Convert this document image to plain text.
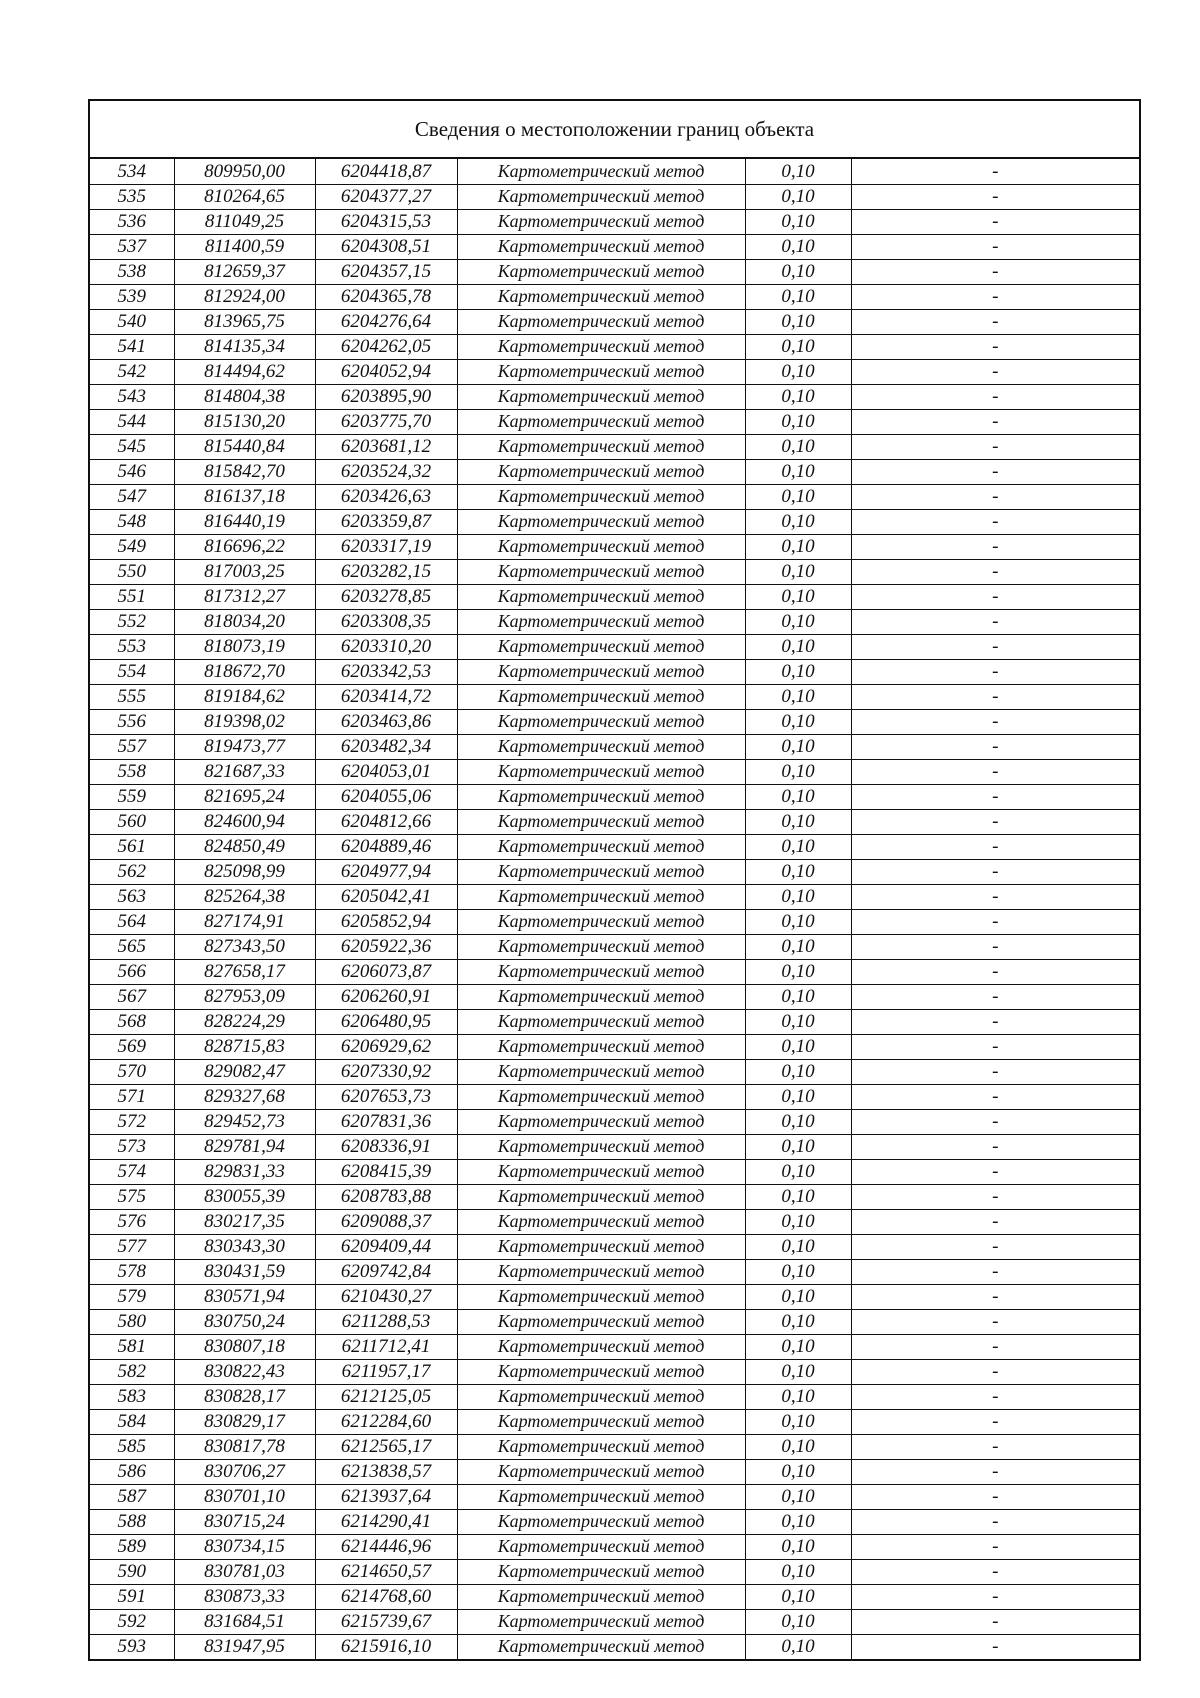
Сведения о местоположении границ объекта
534	809950,00	6204418,87	Картометрический метод	0,10	-
535	810264,65	6204377,27	Картометрический метод	0,10	-
536	811049,25	6204315,53	Картометрический метод	0,10	-
537	811400,59	6204308,51	Картометрический метод	0,10	-
538	812659,37	6204357,15	Картометрический метод	0,10	-
539	812924,00	6204365,78	Картометрический метод	0,10	-
540	813965,75	6204276,64	Картометрический метод	0,10	-
541	814135,34	6204262,05	Картометрический метод	0,10	-
542	814494,62	6204052,94	Картометрический метод	0,10	-
543	814804,38	6203895,90	Картометрический метод	0,10	-
544	815130,20	6203775,70	Картометрический метод	0,10	-
545	815440,84	6203681,12	Картометрический метод	0,10	-
546	815842,70	6203524,32	Картометрический метод	0,10	-
547	816137,18	6203426,63	Картометрический метод	0,10	-
548	816440,19	6203359,87	Картометрический метод	0,10	-
549	816696,22	6203317,19	Картометрический метод	0,10	-
550	817003,25	6203282,15	Картометрический метод	0,10	-
551	817312,27	6203278,85	Картометрический метод	0,10	-
552	818034,20	6203308,35	Картометрический метод	0,10	-
553	818073,19	6203310,20	Картометрический метод	0,10	-
554	818672,70	6203342,53	Картометрический метод	0,10	-
555	819184,62	6203414,72	Картометрический метод	0,10	-
556	819398,02	6203463,86	Картометрический метод	0,10	-
557	819473,77	6203482,34	Картометрический метод	0,10	-
558	821687,33	6204053,01	Картометрический метод	0,10	-
559	821695,24	6204055,06	Картометрический метод	0,10	-
560	824600,94	6204812,66	Картометрический метод	0,10	-
561	824850,49	6204889,46	Картометрический метод	0,10	-
562	825098,99	6204977,94	Картометрический метод	0,10	-
563	825264,38	6205042,41	Картометрический метод	0,10	-
564	827174,91	6205852,94	Картометрический метод	0,10	-
565	827343,50	6205922,36	Картометрический метод	0,10	-
566	827658,17	6206073,87	Картометрический метод	0,10	-
567	827953,09	6206260,91	Картометрический метод	0,10	-
568	828224,29	6206480,95	Картометрический метод	0,10	-
569	828715,83	6206929,62	Картометрический метод	0,10	-
570	829082,47	6207330,92	Картометрический метод	0,10	-
571	829327,68	6207653,73	Картометрический метод	0,10	-
572	829452,73	6207831,36	Картометрический метод	0,10	-
573	829781,94	6208336,91	Картометрический метод	0,10	-
574	829831,33	6208415,39	Картометрический метод	0,10	-
575	830055,39	6208783,88	Картометрический метод	0,10	-
576	830217,35	6209088,37	Картометрический метод	0,10	-
577	830343,30	6209409,44	Картометрический метод	0,10	-
578	830431,59	6209742,84	Картометрический метод	0,10	-
579	830571,94	6210430,27	Картометрический метод	0,10	-
580	830750,24	6211288,53	Картометрический метод	0,10	-
581	830807,18	6211712,41	Картометрический метод	0,10	-
582	830822,43	6211957,17	Картометрический метод	0,10	-
583	830828,17	6212125,05	Картометрический метод	0,10	-
584	830829,17	6212284,60	Картометрический метод	0,10	-
585	830817,78	6212565,17	Картометрический метод	0,10	-
586	830706,27	6213838,57	Картометрический метод	0,10	-
587	830701,10	6213937,64	Картометрический метод	0,10	-
588	830715,24	6214290,41	Картометрический метод	0,10	-
589	830734,15	6214446,96	Картометрический метод	0,10	-
590	830781,03	6214650,57	Картометрический метод	0,10	-
591	830873,33	6214768,60	Картометрический метод	0,10	-
592	831684,51	6215739,67	Картометрический метод	0,10	-
593	831947,95	6215916,10	Картометрический метод	0,10	-
